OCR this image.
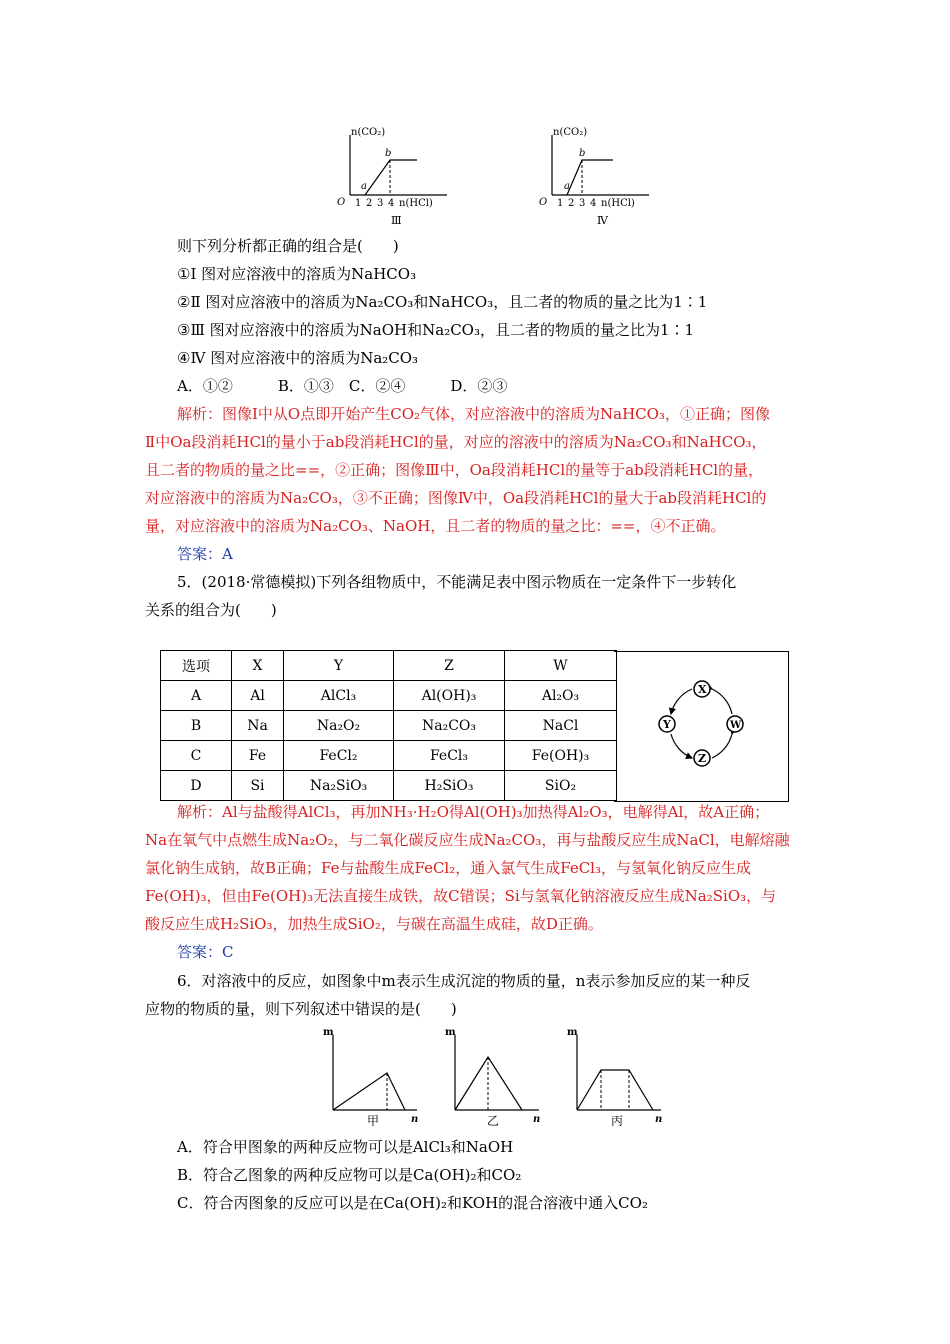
n(CO₂)
O
a
b
1 2 3 4 n(HCl)
Ⅲ
n(CO₂)
O
a
b
1 2 3 4 n(HCl)
Ⅳ
则下列分析都正确的组合是(　　)
①Ⅰ 图对应溶液中的溶质为NaHCO₃
②Ⅱ 图对应溶液中的溶质为Na₂CO₃和NaHCO₃，且二者的物质的量之比为1∶1
③Ⅲ 图对应溶液中的溶质为NaOH和Na₂CO₃，且二者的物质的量之比为1∶1
④Ⅳ 图对应溶液中的溶质为Na₂CO₃
A．①②　　　B．①③　C．②④　　　D．②③
解析：图像Ⅰ中从O点即开始产生CO₂气体，对应溶液中的溶质为NaHCO₃，①正确；图像
Ⅱ中Oa段消耗HCl的量小于ab段消耗HCl的量，对应的溶液中的溶质为Na₂CO₃和NaHCO₃，
且二者的物质的量之比==，②正确；图像Ⅲ中，Oa段消耗HCl的量等于ab段消耗HCl的量，
对应溶液中的溶质为Na₂CO₃，③不正确；图像Ⅳ中，Oa段消耗HCl的量大于ab段消耗HCl的
量，对应溶液中的溶质为Na₂CO₃、NaOH，且二者的物质的量之比：==，④不正确。
答案：A
5．(2018·常德模拟)下列各组物质中，不能满足表中图示物质在一定条件下一步转化
关系的组合为(　　)
选项	X	Y	Z	W
A	Al	AlCl₃	Al(OH)₃	Al₂O₃
B	Na	Na₂O₂	Na₂CO₃	NaCl
C	Fe	FeCl₂	FeCl₃	Fe(OH)₃
D	Si	Na₂SiO₃	H₂SiO₃	SiO₂
X
W
Z
Y
解析：Al与盐酸得AlCl₃，再加NH₃·H₂O得Al(OH)₃加热得Al₂O₃，电解得Al，故A正确；
Na在氧气中点燃生成Na₂O₂，与二氧化碳反应生成Na₂CO₃，再与盐酸反应生成NaCl，电解熔融
氯化钠生成钠，故B正确；Fe与盐酸生成FeCl₂，通入氯气生成FeCl₃，与氢氧化钠反应生成
Fe(OH)₃，但由Fe(OH)₃无法直接生成铁，故C错误；Si与氢氧化钠溶液反应生成Na₂SiO₃，与
酸反应生成H₂SiO₃，加热生成SiO₂，与碳在高温生成硅，故D正确。
答案：C
6．对溶液中的反应，如图象中m表示生成沉淀的物质的量，n表示参加反应的某一种反
应物的物质的量，则下列叙述中错误的是(　　)
m
n
甲
m
n
乙
m
n
丙
A．符合甲图象的两种反应物可以是AlCl₃和NaOH
B．符合乙图象的两种反应物可以是Ca(OH)₂和CO₂
C．符合丙图象的反应可以是在Ca(OH)₂和KOH的混合溶液中通入CO₂
